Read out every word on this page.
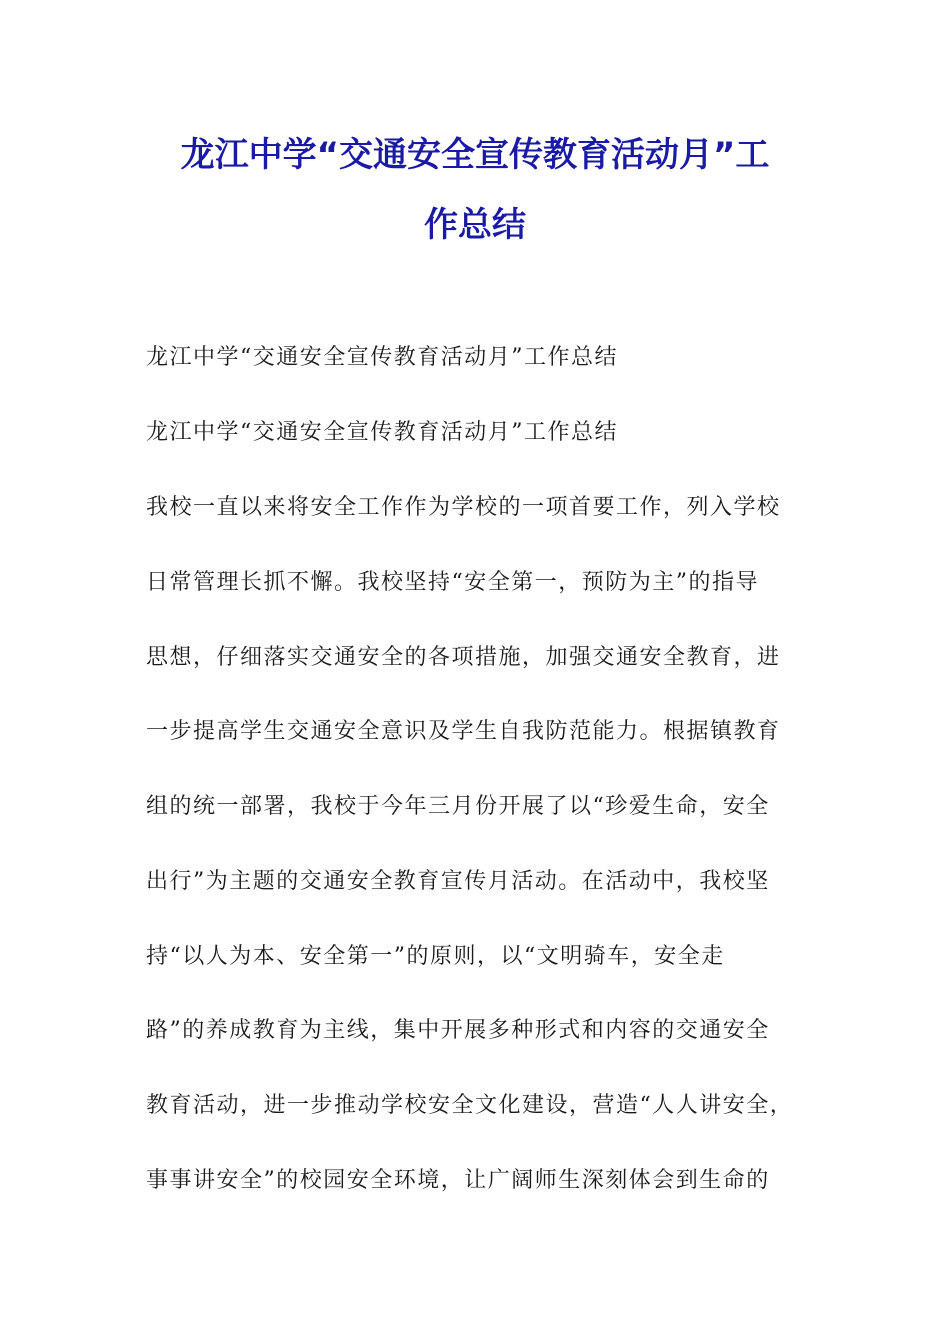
龙江中学“交通安全宣传教育活动月”工
作总结
龙江中学“交通安全宣传教育活动月”工作总结
龙江中学“交通安全宣传教育活动月”工作总结
我校一直以来将安全工作作为学校的一项首要工作，列入学校
日常管理长抓不懈。我校坚持“安全第一，预防为主”的指导
思想，仔细落实交通安全的各项措施，加强交通安全教育，进
一步提高学生交通安全意识及学生自我防范能力。根据镇教育
组的统一部署，我校于今年三月份开展了以“珍爱生命，安全
出行”为主题的交通安全教育宣传月活动。在活动中，我校坚
持“以人为本、安全第一”的原则，以“文明骑车，安全走
路”的养成教育为主线，集中开展多种形式和内容的交通安全
教育活动，进一步推动学校安全文化建设，营造“人人讲安全，
事事讲安全”的校园安全环境，让广阔师生深刻体会到生命的
